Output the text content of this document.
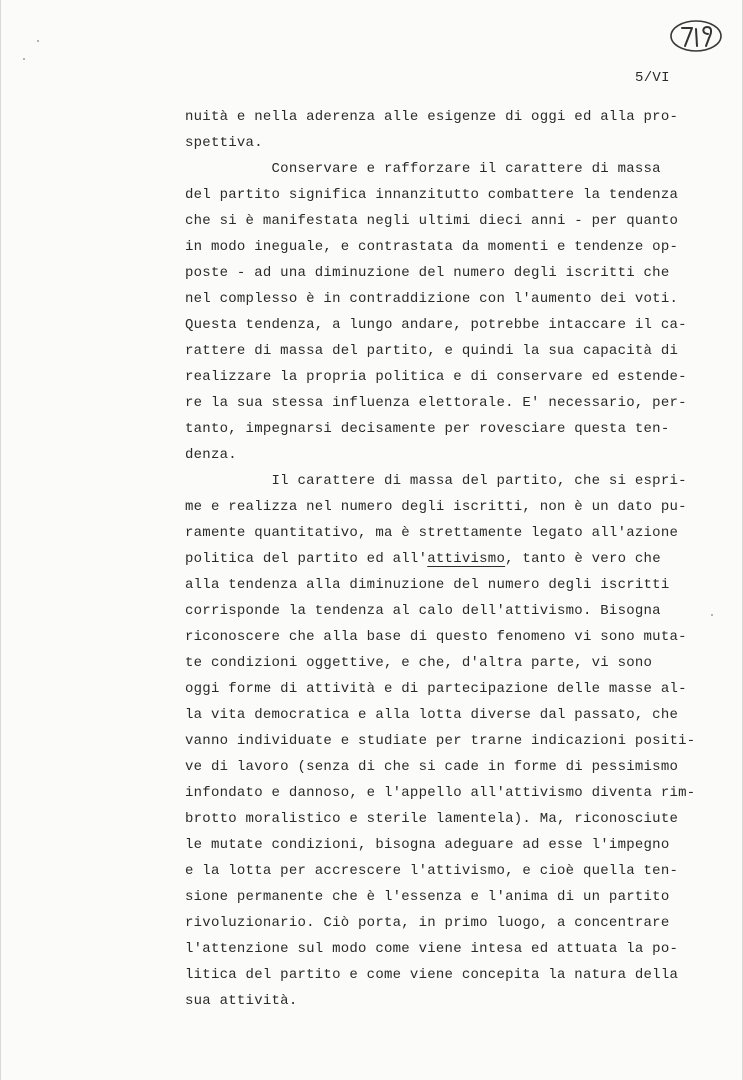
5/VI
nuità e nella aderenza alle esigenze di oggi ed alla pro-
spettiva.
Conservare e rafforzare il carattere di massa
del partito significa innanzitutto combattere la tendenza
che si è manifestata negli ultimi dieci anni - per quanto
in modo ineguale, e contrastata da momenti e tendenze op-
poste - ad una diminuzione del numero degli iscritti che
nel complesso è in contraddizione con l'aumento dei voti.
Questa tendenza, a lungo andare, potrebbe intaccare il ca-
rattere di massa del partito, e quindi la sua capacità di
realizzare la propria politica e di conservare ed estende-
re la sua stessa influenza elettorale. E' necessario, per-
tanto, impegnarsi decisamente per rovesciare questa ten-
denza.
Il carattere di massa del partito, che si espri-
me e realizza nel numero degli iscritti, non è un dato pu-
ramente quantitativo, ma è strettamente legato all'azione
politica del partito ed all'attivismo, tanto è vero che
alla tendenza alla diminuzione del numero degli iscritti
corrisponde la tendenza al calo dell'attivismo. Bisogna
riconoscere che alla base di questo fenomeno vi sono muta-
te condizioni oggettive, e che, d'altra parte, vi sono
oggi forme di attività e di partecipazione delle masse al-
la vita democratica e alla lotta diverse dal passato, che
vanno individuate e studiate per trarne indicazioni positi-
ve di lavoro (senza di che si cade in forme di pessimismo
infondato e dannoso, e l'appello all'attivismo diventa rim-
brotto moralistico e sterile lamentela). Ma, riconosciute
le mutate condizioni, bisogna adeguare ad esse l'impegno
e la lotta per accrescere l'attivismo, e cioè quella ten-
sione permanente che è l'essenza e l'anima di un partito
rivoluzionario. Ciò porta, in primo luogo, a concentrare
l'attenzione sul modo come viene intesa ed attuata la po-
litica del partito e come viene concepita la natura della
sua attività.
